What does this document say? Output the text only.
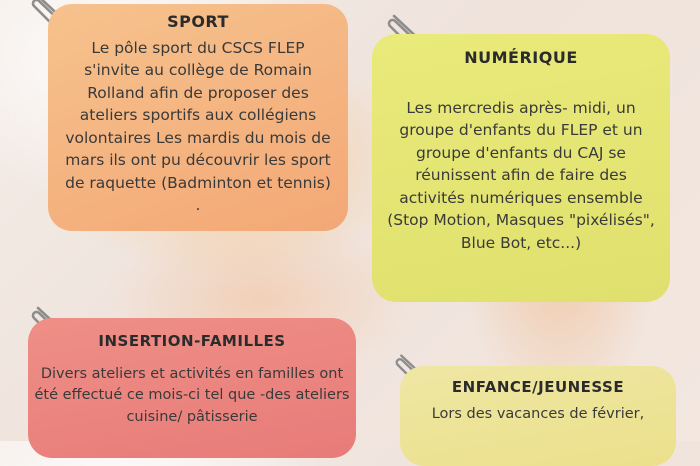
SPORT

Le pôle sport du CSCS FLEP s'invite au collège de Romain Rolland afin de proposer des ateliers sportifs aux collégiens volontaires Les mardis du mois de mars ils ont pu découvrir les sport de raquette (Badminton et tennis) .

NUMÉRIQUE

Les mercredis après- midi, un groupe d'enfants du FLEP et un groupe d'enfants du CAJ se réunissent afin de faire des activités numériques ensemble (Stop Motion, Masques "pixélisés", Blue Bot, etc...)

INSERTION-FAMILLES

Divers ateliers et activités en familles ont été effectué ce mois-ci tel que -des ateliers cuisine/ pâtisserie

ENFANCE/JEUNESSE

Lors des vacances de février,
